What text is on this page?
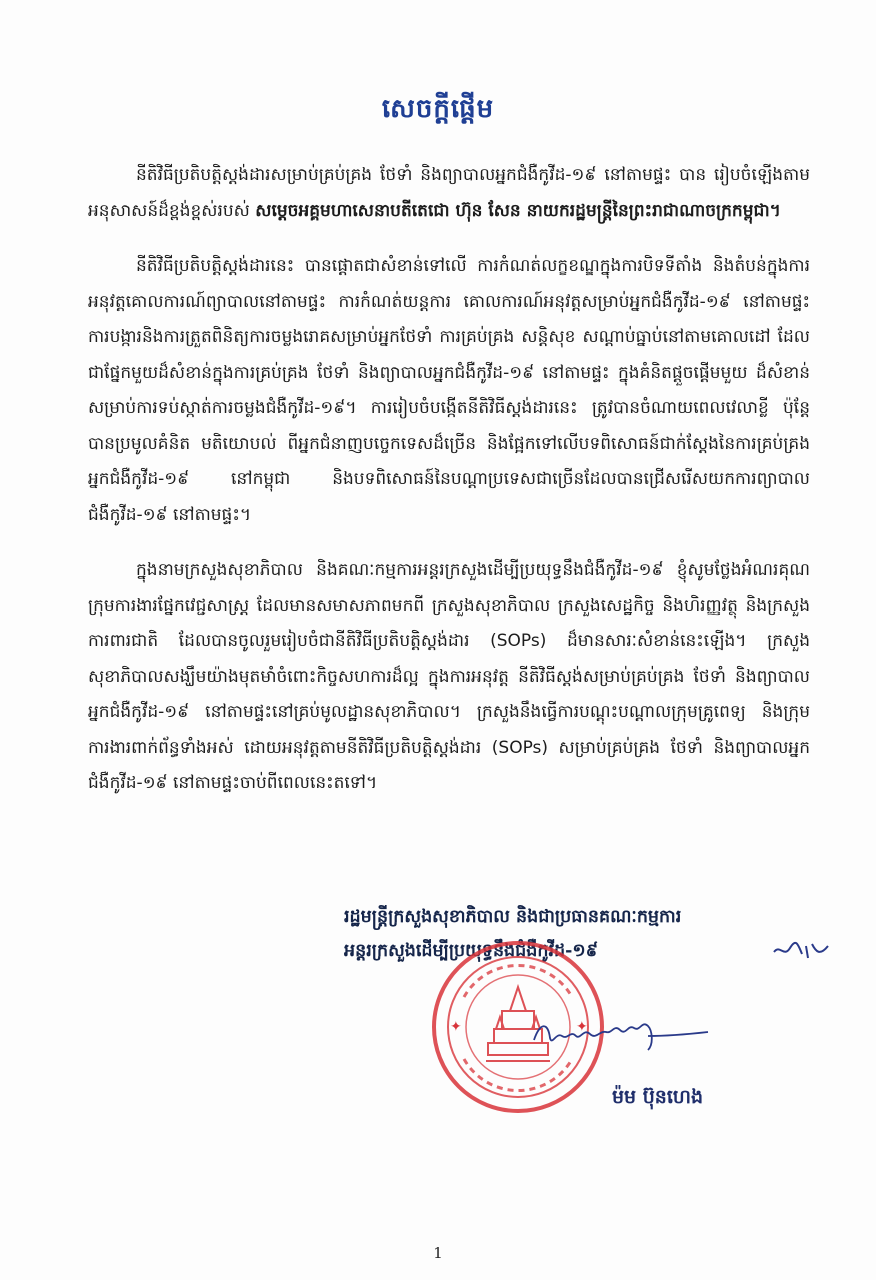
សេចក្ដីផ្ដើម

នីតិវិធីប្រតិបត្តិស្តង់ដារសម្រាប់គ្រប់គ្រង ថែទាំ និងព្យាបាលអ្នកជំងឺកូវីដ-១៩ នៅតាមផ្ទះ បាន រៀបចំឡើងតាមអនុសាសន៍ដ៏ខ្ពង់ខ្ពស់របស់ សម្ដេចអគ្គមហាសេនាបតីតេជោ ហ៊ុន សែន នាយករដ្ឋមន្ត្រីនៃព្រះរាជាណាចក្រកម្ពុជា។

នីតិវិធីប្រតិបត្តិស្តង់ដារនេះ បានផ្ដោតជាសំខាន់ទៅលើ ការកំណត់លក្ខខណ្ឌក្នុងការបិទទីតាំង និងតំបន់ក្នុងការអនុវត្តគោលការណ៍ព្យាបាលនៅតាមផ្ទះ ការកំណត់យន្តការ គោលការណ៍អនុវត្តសម្រាប់អ្នកជំងឺកូវីដ-១៩ នៅតាមផ្ទះ ការបង្ការនិងការត្រួតពិនិត្យការចម្លងរោគសម្រាប់អ្នកថែទាំ ការគ្រប់គ្រង សន្តិសុខ សណ្ដាប់ធ្នាប់នៅតាមគោលដៅ ដែលជាផ្នែកមួយដ៏សំខាន់ក្នុងការគ្រប់គ្រង ថែទាំ និងព្យាបាលអ្នកជំងឺកូវីដ-១៩ នៅតាមផ្ទះ ក្នុងគំនិតផ្ដួចផ្ដើមមួយ ដ៏សំខាន់សម្រាប់ការទប់ស្កាត់ការចម្លងជំងឺកូវីដ-១៩។ ការរៀបចំបង្កើតនីតិវិធីស្តង់ដារនេះ ត្រូវបានចំណាយពេលវេលាខ្លី ប៉ុន្តែបានប្រមូលគំនិត មតិយោបល់ ពីអ្នកជំនាញបច្ចេកទេសដ៏ច្រើន និងផ្អែកទៅលើបទពិសោធន៍ជាក់ស្ដែងនៃការគ្រប់គ្រងអ្នកជំងឺកូវីដ-១៩ នៅកម្ពុជា និងបទពិសោធន៍នៃបណ្ដាប្រទេសជាច្រើនដែលបានជ្រើសរើសយកការព្យាបាលជំងឺកូវីដ-១៩ នៅតាមផ្ទះ។

ក្នុងនាមក្រសួងសុខាភិបាល និងគណៈកម្មការអន្តរក្រសួងដើម្បីប្រយុទ្ធនឹងជំងឺកូវីដ-១៩ ខ្ញុំសូមថ្លែងអំណរគុណក្រុមការងារផ្នែកវេជ្ជសាស្ត្រ ដែលមានសមាសភាពមកពី ក្រសួងសុខាភិបាល ក្រសួងសេដ្ឋកិច្ច និងហិរញ្ញវត្ថុ និងក្រសួងការពារជាតិ ដែលបានចូលរួមរៀបចំជានីតិវិធីប្រតិបត្តិស្តង់ដារ (SOPs) ដ៏មានសារៈសំខាន់នេះឡើង។ ក្រសួងសុខាភិបាលសង្ឃឹមយ៉ាងមុតមាំចំពោះកិច្ចសហការដ៏ល្អ ក្នុងការអនុវត្ត នីតិវិធីស្តង់សម្រាប់គ្រប់គ្រង ថែទាំ និងព្យាបាលអ្នកជំងឺកូវីដ-១៩ នៅតាមផ្ទះនៅគ្រប់មូលដ្ឋានសុខាភិបាល។ ក្រសួងនឹងធ្វើការបណ្ដុះបណ្ដាលក្រុមគ្រូពេទ្យ និងក្រុមការងារពាក់ព័ន្ធទាំងអស់ ដោយអនុវត្តតាមនីតិវិធីប្រតិបត្តិស្តង់ដារ (SOPs) សម្រាប់គ្រប់គ្រង ថែទាំ និងព្យាបាលអ្នកជំងឺកូវីដ-១៩ នៅតាមផ្ទះចាប់ពីពេលនេះតទៅ។

រដ្ឋមន្ត្រីក្រសួងសុខាភិបាល និងជាប្រធានគណៈកម្មការ
អន្តរក្រសួងដើម្បីប្រយុទ្ធនឹងជំងឺកូវីដ-១៩
✦	✦
ម៉ម ប៊ុនហេង
1
